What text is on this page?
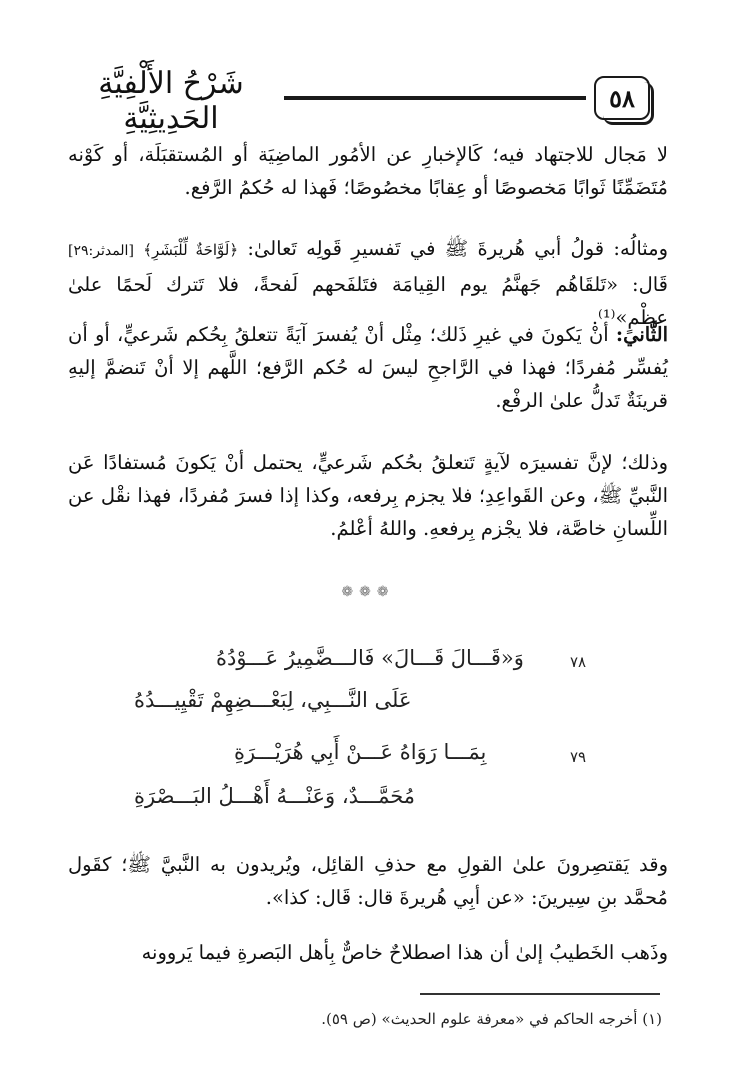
٥٨
شَرْحُ الأَلْفِيَّةِ الحَدِيثِيَّةِ

لا مَجال للاجتهاد فيه؛ كَالإخبارِ عن الأمُور الماضِيَة أو المُستقبَلَة، أو كَوْنه مُتَضَمِّنًا ثَوابًا مَخصوصًا أو عِقابًا مخصُوصًا؛ فَهذا له حُكمُ الرَّفع.

ومثالُه: قولُ أبي هُريرةَ ﷺ في تَفسيرِ قَولِه تَعالىٰ: ﴿لَوَّاحَةٌ لِّلْبَشَرِ﴾ [المدثر:٢٩] قَال: «تَلقَاهُم جَهنَّمُ يوم القِيامَة فتَلفَحهم لَفحةً، فلا تَترك لَحمًا علىٰ عظْمٍ»⁽¹⁾.

الثَّاني: أنْ يَكونَ في غيرِ ذَلك؛ مِثْل أنْ يُفسرَ آيَةً تتعلقُ بِحُكم شَرعيٍّ، أو أن يُفسِّر مُفردًا؛ فهذا في الرَّاجحِ ليسَ له حُكم الرَّفع؛ اللَّهم إلا أنْ تَنضمَّ إليهِ قرينَةٌ تَدلُّ علىٰ الرفْع.

وذلك؛ لإنَّ تفسيرَه لآيةٍ تَتعلقُ بحُكم شَرعيٍّ، يحتمل أنْ يَكونَ مُستفادًا عَن النَّبيِّ ﷺ، وعن القَواعِدِ؛ فلا يجزم بِرفعه، وكذا إذا فسرَ مُفردًا، فهذا نقْل عن اللِّسانِ خاصَّة، فلا يجْزم بِرفعهِ. واللهُ أعْلمُ.

❁❁❁
٧٨
وَ«قَـــالَ قَـــالَ» فَالـــضَّمِيرُ عَـــوْدُهُ
عَلَى النَّـــبِي، لِبَعْـــضِهِمْ تَقْيِيـــدُهُ
٧٩
بِمَـــا رَوَاهُ عَـــنْ أَبِي هُرَيْـــرَةِ
مُحَمَّـــدٌ، وَعَنْـــهُ أَهْـــلُ البَـــصْرَةِ

وقد يَقتصِرونَ علىٰ القولِ مع حذفِ القائِل، ويُريدون به النَّبيَّ ﷺ؛ كقَول مُحمَّد بنِ سِيرينَ: «عن أبِي هُريرةَ قال: قَال: كذا».

وذَهب الخَطيبُ إلىٰ أن هذا اصطلاحٌ خاصٌّ بِأهل البَصرةِ فيما يَروونه

(١) أخرجه الحاكم في «معرفة علوم الحديث» (ص ٥٩).
